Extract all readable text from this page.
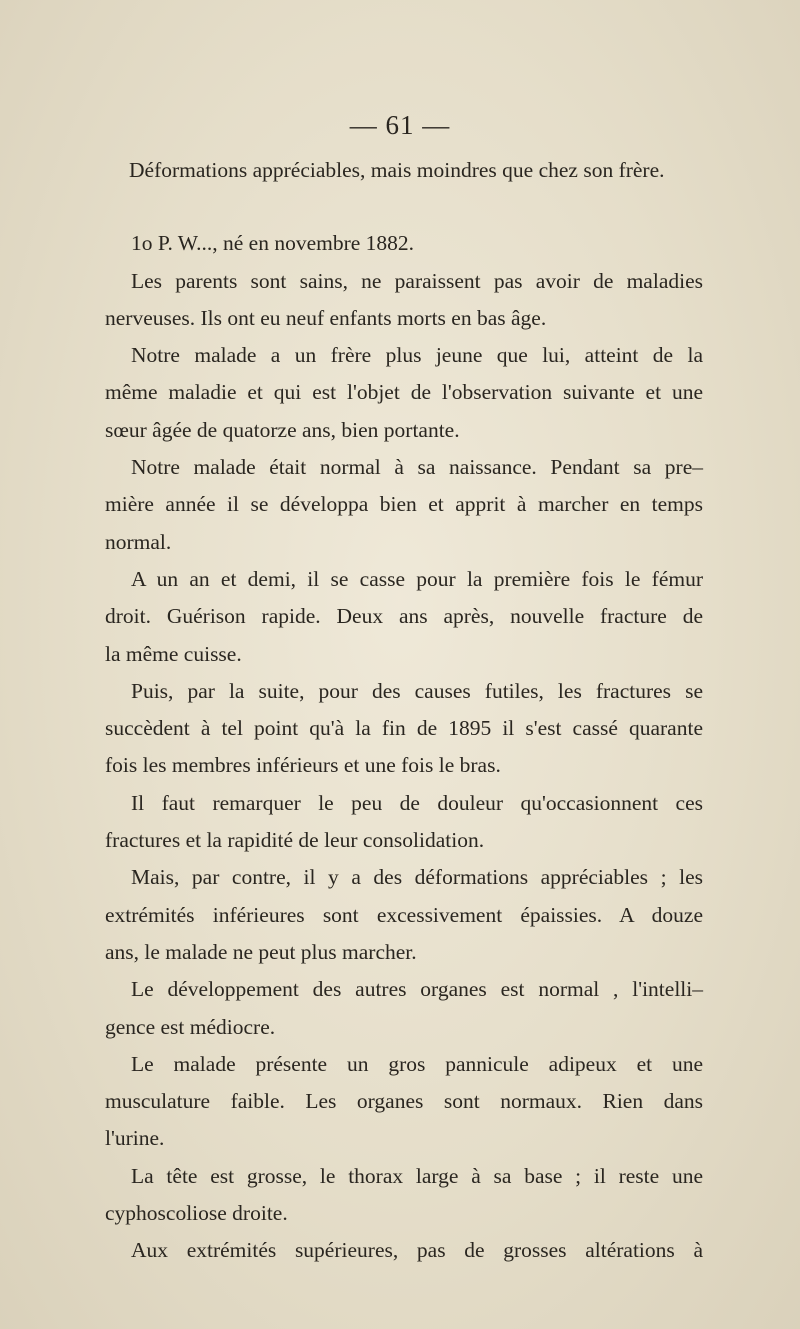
— 61 —
Déformations appréciables, mais moindres que chez son frère.
1o P. W..., né en novembre 1882.
Les parents sont sains, ne paraissent pas avoir de maladies
nerveuses. Ils ont eu neuf enfants morts en bas âge.
Notre malade a un frère plus jeune que lui, atteint de la
même maladie et qui est l'objet de l'observation suivante et une
sœur âgée de quatorze ans, bien portante.
Notre malade était normal à sa naissance. Pendant sa pre–
mière année il se développa bien et apprit à marcher en temps
normal.
A un an et demi, il se casse pour la première fois le fémur
droit. Guérison rapide. Deux ans après, nouvelle fracture de
la même cuisse.
Puis, par la suite, pour des causes futiles, les fractures se
succèdent à tel point qu'à la fin de 1895 il s'est cassé quarante
fois les membres inférieurs et une fois le bras.
Il faut remarquer le peu de douleur qu'occasionnent ces
fractures et la rapidité de leur consolidation.
Mais, par contre, il y a des déformations appréciables ; les
extrémités inférieures sont excessivement épaissies. A douze
ans, le malade ne peut plus marcher.
Le développement des autres organes est normal , l'intelli–
gence est médiocre.
Le malade présente un gros pannicule adipeux et une
musculature faible. Les organes sont normaux. Rien dans
l'urine.
La tête est grosse, le thorax large à sa base ; il reste une
cyphoscoliose droite.
Aux extrémités supérieures, pas de grosses altérations à
